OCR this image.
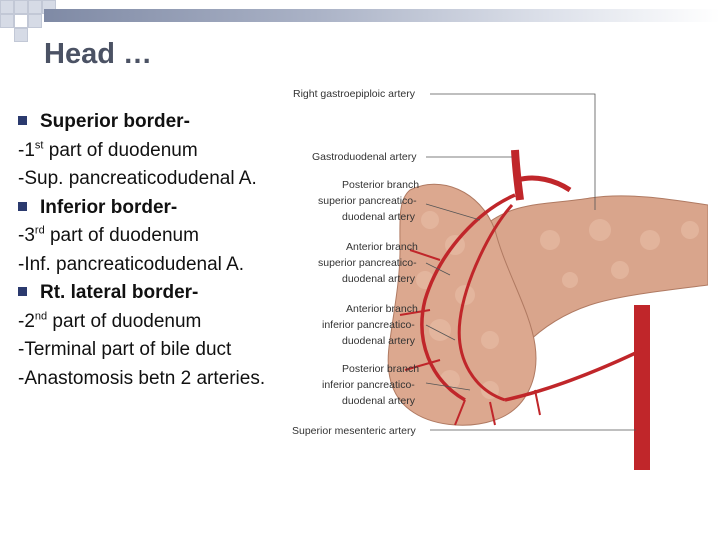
Head …
Superior border-
-1st part of duodenum
-Sup. pancreaticodudenal A.
Inferior border-
-3rd part of duodenum
-Inf. pancreaticodudenal A.
Rt. lateral border-
-2nd part of duodenum
-Terminal part of bile duct
-Anastomosis betn 2 arteries.
Right gastroepiploic artery
Gastroduodenal artery
Posterior branch
superior pancreatico-
duodenal artery
Anterior branch
superior pancreatico-
duodenal artery
Anterior branch
inferior pancreatico-
duodenal artery
Posterior branch
inferior pancreatico-
duodenal artery
Superior mesenteric artery
